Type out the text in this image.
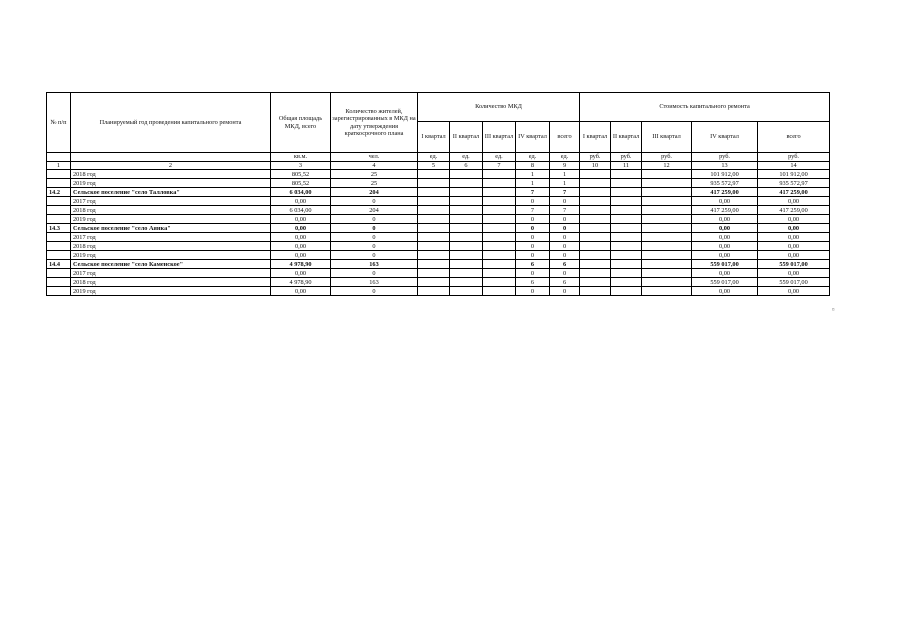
№ п/п	Планируемый год проведения капитального ремонта	Общая площадь МКД, всего	Количество жителей, зарегистрированных в МКД на дату утверждения краткосрочного плана	Количество МКД					Стоимость капитального ремонта				
				I квартал	II квартал	III квартал	IV квартал	всего	I квартал	II квартал	III квартал	IV квартал	всего
		кв.м.	чел.	ед.	ед.	ед.	ед.	ед.	руб.	руб.	руб.	руб.	руб.
1	2	3	4	5	6	7	8	9	10	11	12	13	14
	2018 год	805,52	25				1	1				101 912,00	101 912,00
	2019 год	805,52	25				1	1				935 572,97	935 572,97
14.2	Сельское поселение "село Талловка"	6 034,00	204				7	7				417 259,00	417 259,00
	2017 год	0,00	0				0	0				0,00	0,00
	2018 год	6 034,00	204				7	7				417 259,00	417 259,00
	2019 год	0,00	0				0	0				0,00	0,00
14.3	Сельское поселение "село Аянка"	0,00	0				0	0				0,00	0,00
	2017 год	0,00	0				0	0				0,00	0,00
	2018 год	0,00	0				0	0				0,00	0,00
	2019 год	0,00	0				0	0				0,00	0,00
14.4	Сельское поселение "село Каменское"	4 978,90	163				6	6				559 017,00	559 017,00
	2017 год	0,00	0				0	0				0,00	0,00
	2018 год	4 978,90	163				6	6				559 017,00	559 017,00
	2019 год	0,00	0				0	0				0,00	0,00
¤
